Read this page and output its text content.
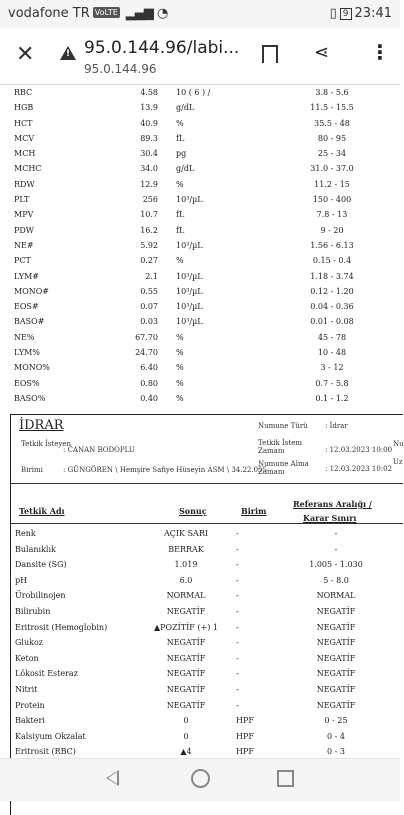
vodafone TR VoLTE ▂▄▆ ◔	▯ 9 23:41
✕	! 95.0.144.96/labi...
95.0.144.96
⋖ ⋮
RBC	4.58 10 ( 6 ) /	3.8 - 5.6
HGB	13.9 g/dL	11.5 - 15.5
HCT	40.9 %	35.5 - 48
MCV	89.3 fL	80 - 95
MCH	30.4 pg	25 - 34
MCHC	34.0 g/dL	31.0 - 37.0
RDW	12.9 %	11.2 - 15
PLT	256 10³/µL	150 - 400
MPV	10.7 fL	7.8 - 13
PDW	16.2 fL	9 - 20
NE#	5.92 10³/µL	1.56 - 6.13
PCT	0.27 %	0.15 - 0.4
LYM#	2.1 10³/µL	1.18 - 3.74
MONO#	0.55 10³/µL	0.12 - 1.20
EOS#	0.07 10³/µL	0.04 - 0.36
BASO#	0.03 10³/µL	0.01 - 0.08
NE%	67.70 %	45 - 78
LYM%	24.70 %	10 - 48
MONO%	6.40 %	3 - 12
EOS%	0.80 %	0.7 - 5.8
BASO%	0.40 %	0.1 - 1.2
İDRAR
Tetkik İsteyen
: CANAN RODOPLU
Birimi	: GÜNGÖREN \ Hemşire Safiye Hüseyin ASM \ 34.22.055
Numune Türü : İdrar
Tetkik İstem Zamanı	: 12.03.2023 10:00
Numune Alma Zamanı	: 12.03.2023 10:02
Nu
Uz
Tetkik Adı	Sonuç	Birim
Referans Aralığı /
Karar Sınırı
Renk	AÇIK SARI	-	-
Bulanıklık	BERRAK	-	-
Dansite (SG)	1.019	-	1.005 - 1.030
pH	6.0	-	5 - 8.0
Ürobilinojen	NORMAL	-	NORMAL
Bilirubin	NEGATİF	-	NEGATİF
Eritrosit (Hemoglobin)	▲POZİTİF (+) 1	-	NEGATİF
Glukoz	NEGATİF	-	NEGATİF
Keton	NEGATİF	-	NEGATİF
Lökosit Esteraz	NEGATİF	-	NEGATİF
Nitrit	NEGATİF	-	NEGATİF
Protein	NEGATİF	-	NEGATİF
Bakteri	0	HPF	0 - 25
Kalsiyum Okzalat	0	HPF	0 - 4
Eritrosit (RBC)	▲4	HPF	0 - 3
